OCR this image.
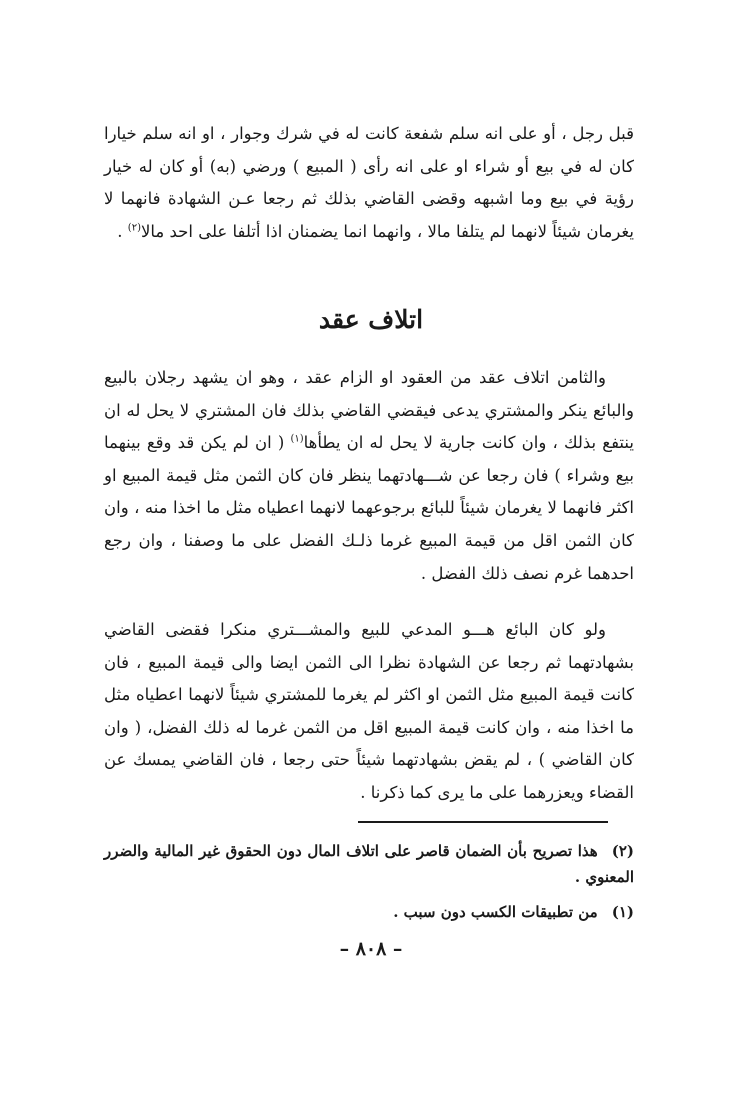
قبل رجل ، أو على انه سلم شفعة كانت له في شرك وجوار ، او انه سلم خيارا كان له في بيع أو شراء او على انه رأى ( المبيع ) ورضي (به) أو كان له خيار رؤية في بيع وما اشبهه وقضى القاضي بذلك ثم رجعا عـن الشهادة فانهما لا يغرمان شيئاً لانهما لم يتلفا مالا ، وانهما انما يضمنان اذا أتلفا على احد مالا$^{(٢)}$ .

اتلاف عقد

والثامن اتلاف عقد من العقود او الزام عقد ، وهو ان يشهد رجلان بالبيع والبائع ينكر والمشتري يدعى فيقضي القاضي بذلك فان المشتري لا يحل له ان ينتفع بذلك ، وان كانت جارية لا يحل له ان يطأها$^{(١)}$ ( ان لم يكن قد وقع بينهما بيع وشراء ) فان رجعا عن شـــهادتهما ينظر فان كان الثمن مثل قيمة المبيع او اكثر فانهما لا يغرمان شيئاً للبائع برجوعهما لانهما اعطياه مثل ما اخذا منه ، وان كان الثمن اقل من قيمة المبيع غرما ذلـك الفضل على ما وصفنا ، وان رجع احدهما غرم نصف ذلك الفضل .

ولو كان البائع هـــو المدعي للبيع والمشـــتري منكرا فقضى القاضي بشهادتهما ثم رجعا عن الشهادة نظرا الى الثمن ايضا والى قيمة المبيع ، فان كانت قيمة المبيع مثل الثمن او اكثر لم يغرما للمشتري شيئاً لانهما اعطياه مثل ما اخذا منه ، وان كانت قيمة المبيع اقل من الثمن غرما له ذلك الفضل، ( وان كان القاضي ) ، لم يقض بشهادتهما شيئاً حتى رجعا ، فان القاضي يمسك عن القضاء ويعزرهما على ما يرى كما ذكرنا .

(٢)هذا تصريح بأن الضمان قاصر على اتلاف المال دون الحقوق غير المالية والضرر المعنوي .

(١)من تطبيقات الكسب دون سبب .

– ٨٠٨ –
